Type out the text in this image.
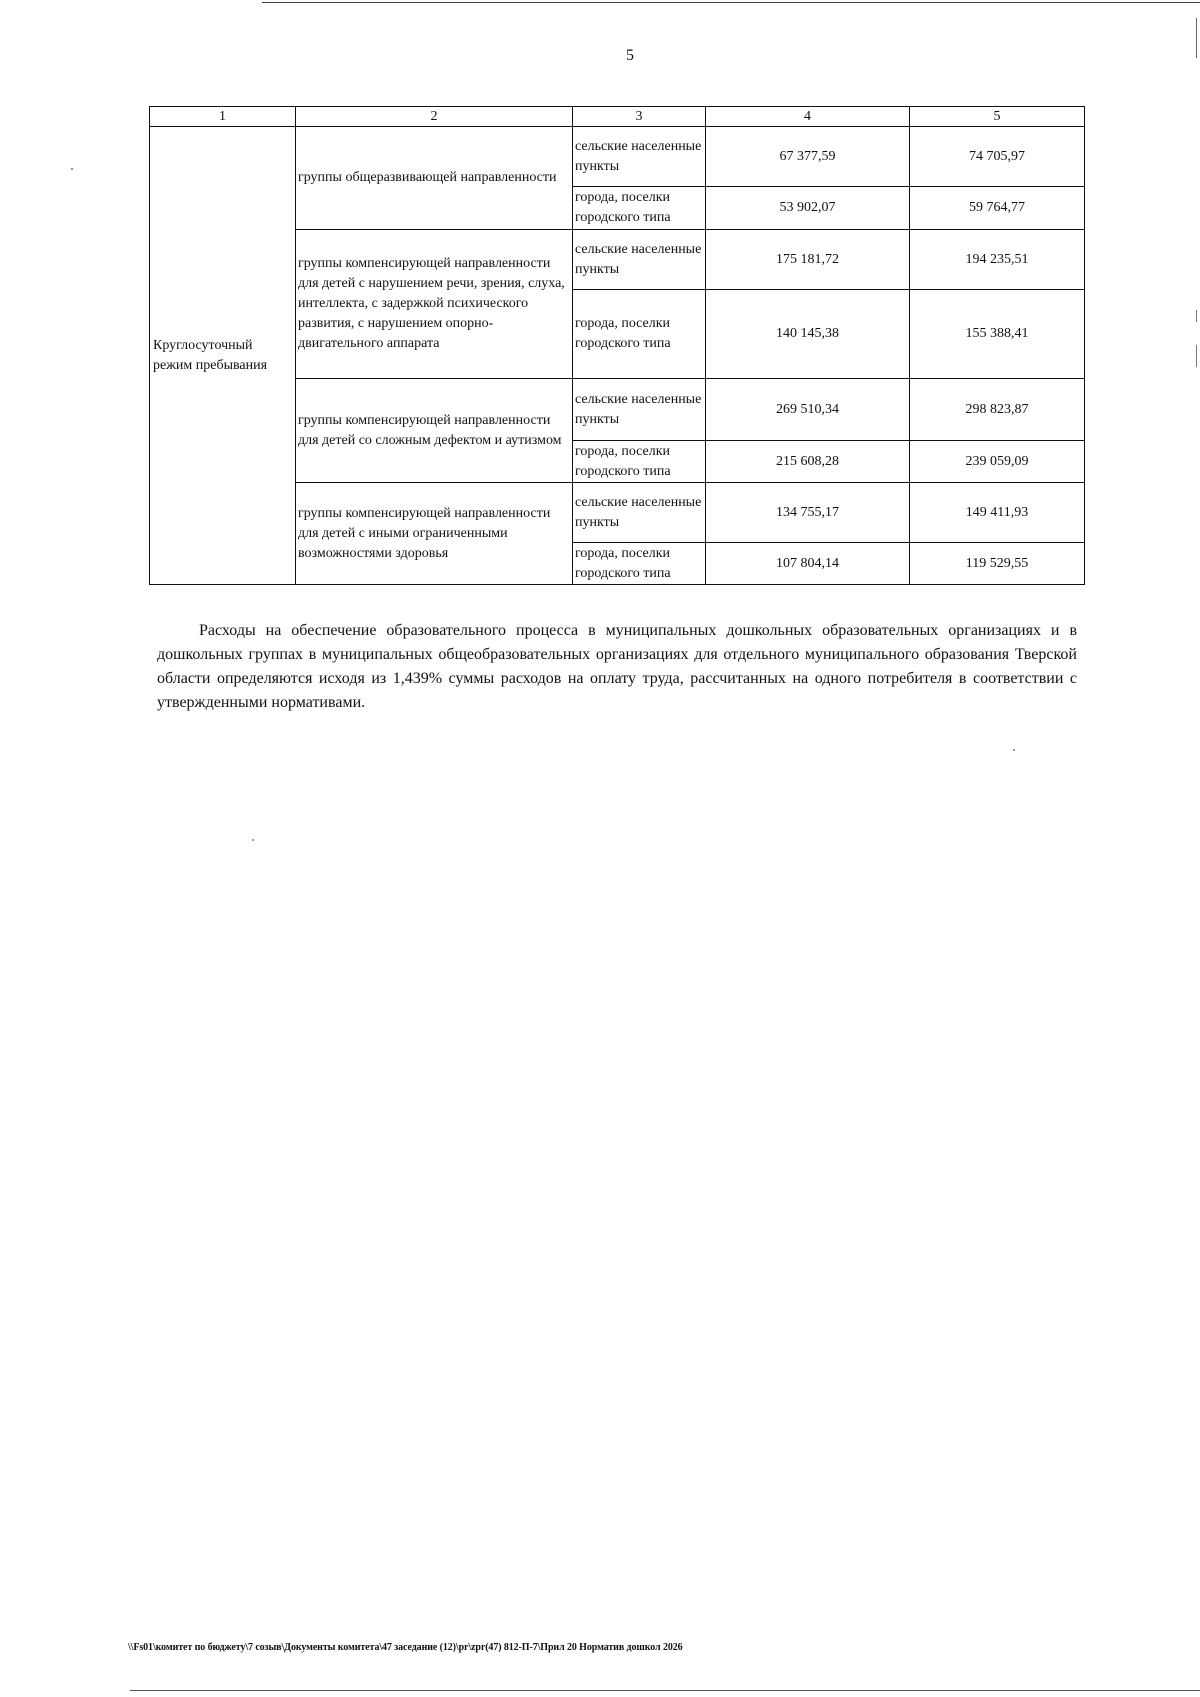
5
1	2	3	4	5
Круглосуточный режим пребывания	группы общеразвивающей направленности	сельские населенные пункты	67 377,59	74 705,97
		города, поселки городского типа	53 902,07	59 764,77
	группы компенсирующей направленности для детей с нарушением речи, зрения, слуха, интеллекта, с задержкой психического развития, с нарушением опорно-двигательного аппарата	сельские населенные пункты	175 181,72	194 235,51
		города, поселки городского типа	140 145,38	155 388,41
	группы компенсирующей направленности для детей со сложным дефектом и аутизмом	сельские населенные пункты	269 510,34	298 823,87
		города, поселки городского типа	215 608,28	239 059,09
	группы компенсирующей направленности для детей с иными ограниченными возможностями здоровья	сельские населенные пункты	134 755,17	149 411,93
		города, поселки городского типа	107 804,14	119 529,55

Расходы на обеспечение образовательного процесса в муниципальных дошкольных образовательных организациях и в дошкольных группах в муниципальных общеобразовательных организациях для отдельного муниципального образования Тверской области определяются исходя из 1,439% суммы расходов на оплату труда, рассчитанных на одного потребителя в соответствии с утвержденными нормативами.

\\Fs01\комитет по бюджету\7 созыв\Документы комитета\47 заседание (12)\pr\zpr(47) 812-П-7\Прил 20 Норматив дошкол 2026
